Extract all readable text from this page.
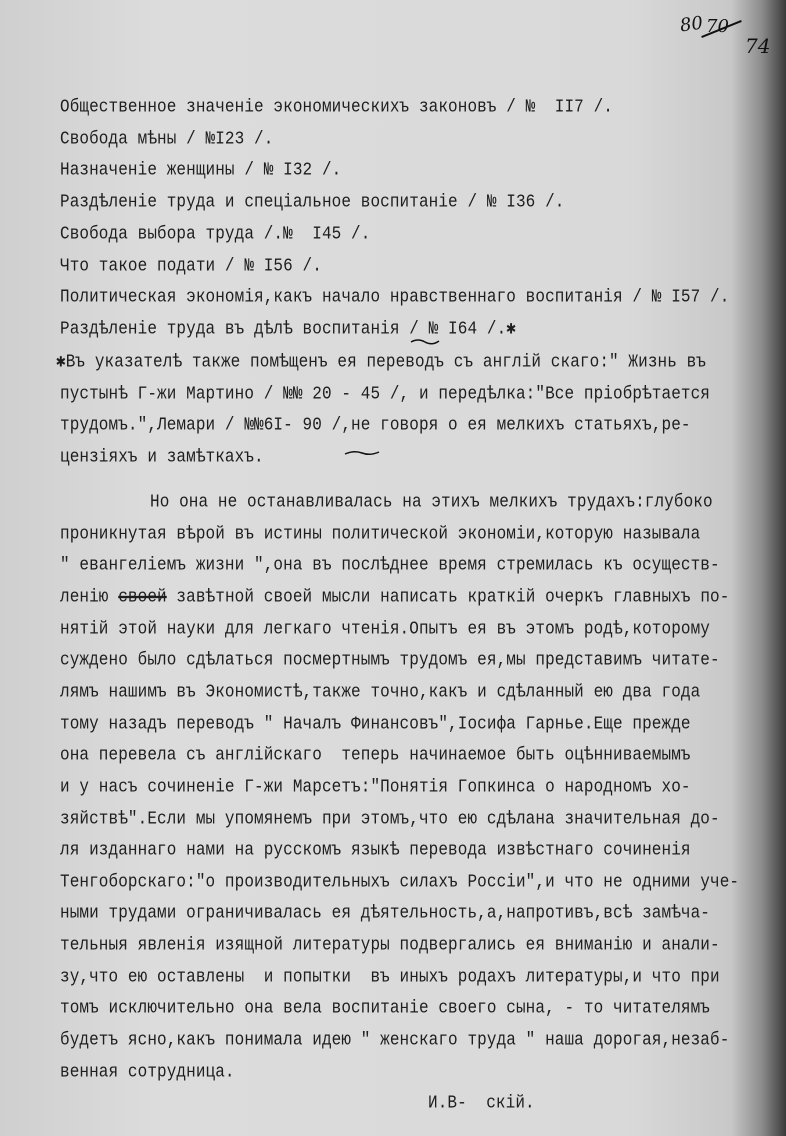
80 70
74
Общественное значенie экономическихъ законовъ / №  II7 /.
Свобода мѣны / №I23 /.
Назначенie женщины / № I32 /.
Раздѣленie труда и спецiальное воспитанie / № I36 /.
Свобода выбора труда /.№  I45 /.
Что такое подати / № I56 /.
Политическая экономiя,какъ начало нравственнаго воспитанiя / № I57 /.
Раздѣленie труда въ дѣлѣ воспитанiя / № I64 /.✱
✱Въ указателѣ также помѣщенъ ея переводъ съ англiй скаго:" Жизнь въ
пустынѣ Г-жи Мартино / №№ 20 - 45 /, и передѣлка:"Все прiобрѣтается
трудомъ.",Лемари / №№6I- 90 /,не говоря о ея мелкихъ статьяхъ,ре-
цензiяхъ и замѣткахъ.
Но она не останавливалась на этихъ мелкихъ трудахъ:глубоко
проникнутая вѣрой въ истины политической экономiи,которую называла
" евангелiемъ жизни ",она въ послѣднее время стремилась къ осуществ-
ленiю своей завѣтной своей мысли написать краткiй очеркъ главныхъ по-
нятiй этой науки для легкаго чтенiя.Опытъ ея въ этомъ родѣ,которому
суждено было сдѣлаться посмертнымъ трудомъ ея,мы представимъ читате-
лямъ нашимъ въ Экономистѣ,также точно,какъ и сдѣланный ею два года
тому назадъ переводъ " Началъ Финансовъ",Iосифа Гарнье.Еще прежде
она перевела съ англiйскаго  теперь начинаемое быть оцѣнниваемымъ
и у насъ сочиненie Г-жи Марсетъ:"Понятiя Гопкинса о народномъ хо-
зяйствѣ".Если мы упомянемъ при этомъ,что ею сдѣлана значительная до-
ля изданнаго нами на русскомъ языкѣ перевода извѣстнаго сочиненiя
Тенгоборскаго:"о производительныхъ силахъ Россiи",и что не одними уче-
ными трудами ограничивалась ея дѣятельность,а,напротивъ,всѣ замѣча-
тельныя явленiя изящной литературы подвергались ея вниманiю и анали-
зу,что ею оставлены  и попытки  въ иныхъ родахъ литературы,и что при
томъ исключительно она вела воспитанie своего сына, - то читателямъ
будетъ ясно,какъ понимала идею " женскаго труда " наша дорогая,незаб-
венная сотрудница.
И.В-  скiй.
